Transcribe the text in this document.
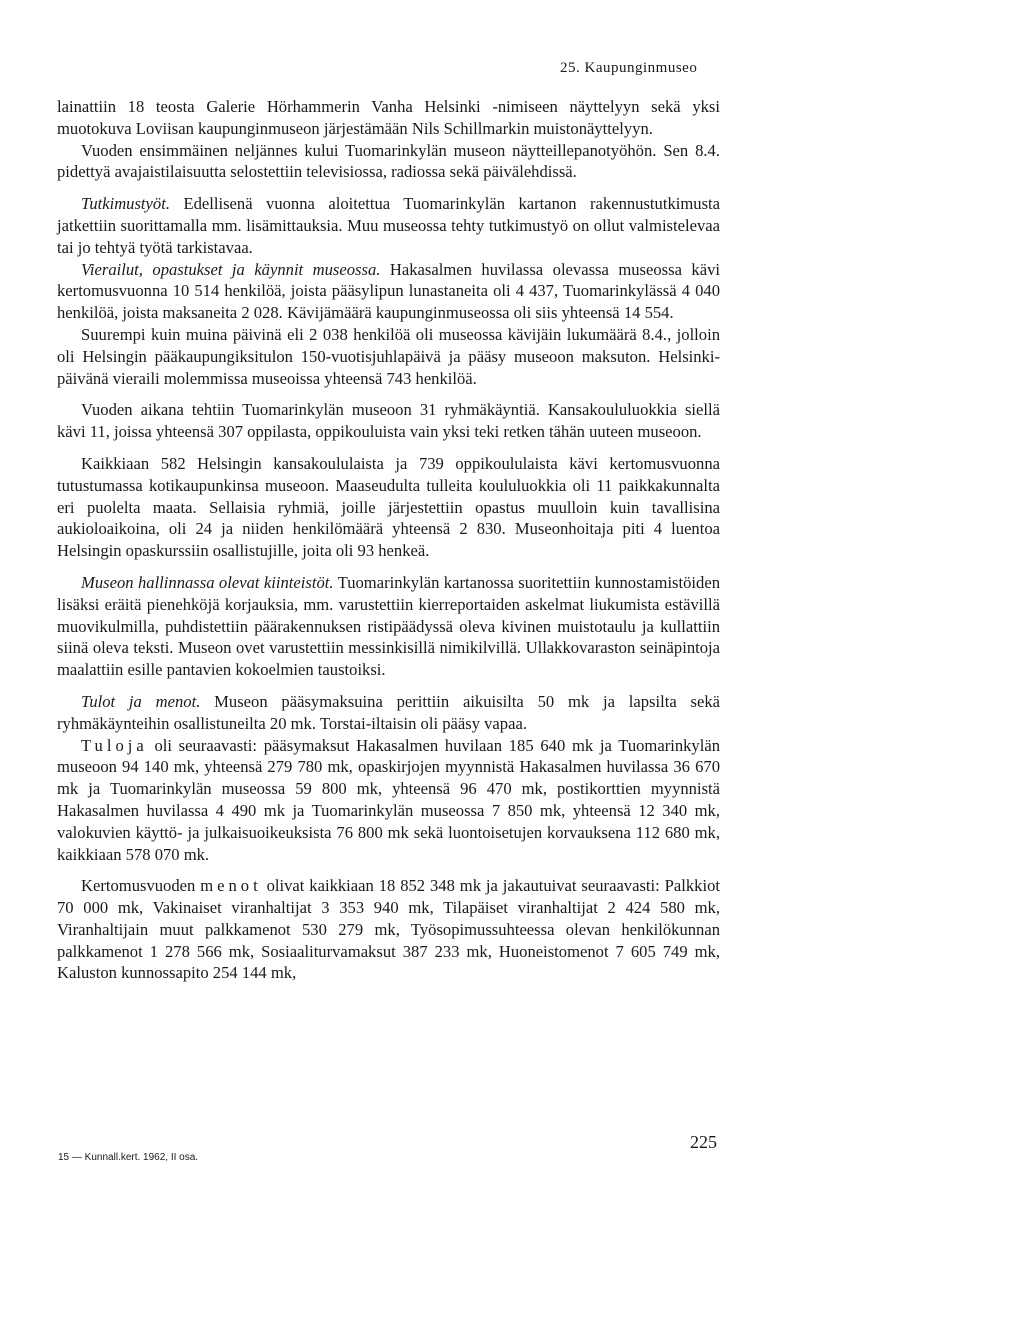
25. Kaupunginmuseo

lainattiin 18 teosta Galerie Hörhammerin Vanha Helsinki -nimiseen näyttelyyn sekä yksi muotokuva Loviisan kaupunginmuseon järjestämään Nils Schillmarkin muistonäyttelyyn.

Vuoden ensimmäinen neljännes kului Tuomarinkylän museon näytteillepanotyöhön. Sen 8.4. pidettyä avajaistilaisuutta selostettiin televisiossa, radiossa sekä päivälehdissä.

Tutkimustyöt. Edellisenä vuonna aloitettua Tuomarinkylän kartanon rakennustutkimusta jatkettiin suorittamalla mm. lisämittauksia. Muu museossa tehty tutkimustyö on ollut valmistelevaa tai jo tehtyä työtä tarkistavaa.

Vierailut, opastukset ja käynnit museossa. Hakasalmen huvilassa olevassa museossa kävi kertomusvuonna 10 514 henkilöä, joista pääsylipun lunastaneita oli 4 437, Tuomarinkylässä 4 040 henkilöä, joista maksaneita 2 028. Kävijämäärä kaupunginmuseossa oli siis yhteensä 14 554.

Suurempi kuin muina päivinä eli 2 038 henkilöä oli museossa kävijäin lukumäärä 8.4., jolloin oli Helsingin pääkaupungiksitulon 150-vuotisjuhlapäivä ja pääsy museoon maksuton. Helsinki-päivänä vieraili molemmissa museoissa yhteensä 743 henkilöä.

Vuoden aikana tehtiin Tuomarinkylän museoon 31 ryhmäkäyntiä. Kansakoululuokkia siellä kävi 11, joissa yhteensä 307 oppilasta, oppikouluista vain yksi teki retken tähän uuteen museoon.

Kaikkiaan 582 Helsingin kansakoululaista ja 739 oppikoululaista kävi kertomusvuonna tutustumassa kotikaupunkinsa museoon. Maaseudulta tulleita koululuokkia oli 11 paikkakunnalta eri puolelta maata. Sellaisia ryhmiä, joille järjestettiin opastus muulloin kuin tavallisina aukioloaikoina, oli 24 ja niiden henkilömäärä yhteensä 2 830. Museonhoitaja piti 4 luentoa Helsingin opaskurssiin osallistujille, joita oli 93 henkeä.

Museon hallinnassa olevat kiinteistöt. Tuomarinkylän kartanossa suoritettiin kunnostamistöiden lisäksi eräitä pienehköjä korjauksia, mm. varustettiin kierreportaiden askelmat liukumista estävillä muovikulmilla, puhdistettiin päärakennuksen ristipäädyssä oleva kivinen muistotaulu ja kullattiin siinä oleva teksti. Museon ovet varustettiin messinkisillä nimikilvillä. Ullakkovaraston seinäpintoja maalattiin esille pantavien kokoelmien taustoiksi.

Tulot ja menot. Museon pääsymaksuina perittiin aikuisilta 50 mk ja lapsilta sekä ryhmäkäynteihin osallistuneilta 20 mk. Torstai-iltaisin oli pääsy vapaa.

Tuloja oli seuraavasti: pääsymaksut Hakasalmen huvilaan 185 640 mk ja Tuomarinkylän museoon 94 140 mk, yhteensä 279 780 mk, opaskirjojen myynnistä Hakasalmen huvilassa 36 670 mk ja Tuomarinkylän museossa 59 800 mk, yhteensä 96 470 mk, postikorttien myynnistä Hakasalmen huvilassa 4 490 mk ja Tuomarinkylän museossa 7 850 mk, yhteensä 12 340 mk, valokuvien käyttö- ja julkaisuoikeuksista 76 800 mk sekä luontoisetujen korvauksena 112 680 mk, kaikkiaan 578 070 mk.

Kertomusvuoden menot olivat kaikkiaan 18 852 348 mk ja jakautuivat seuraavasti: Palkkiot 70 000 mk, Vakinaiset viranhaltijat 3 353 940 mk, Tilapäiset viranhaltijat 2 424 580 mk, Viranhaltijain muut palkkamenot 530 279 mk, Työsopimussuhteessa olevan henkilökunnan palkkamenot 1 278 566 mk, Sosiaaliturvamaksut 387 233 mk, Huoneistomenot 7 605 749 mk, Kaluston kunnossapito 254 144 mk,

15 — Kunnall.kert. 1962, II osa.
225
